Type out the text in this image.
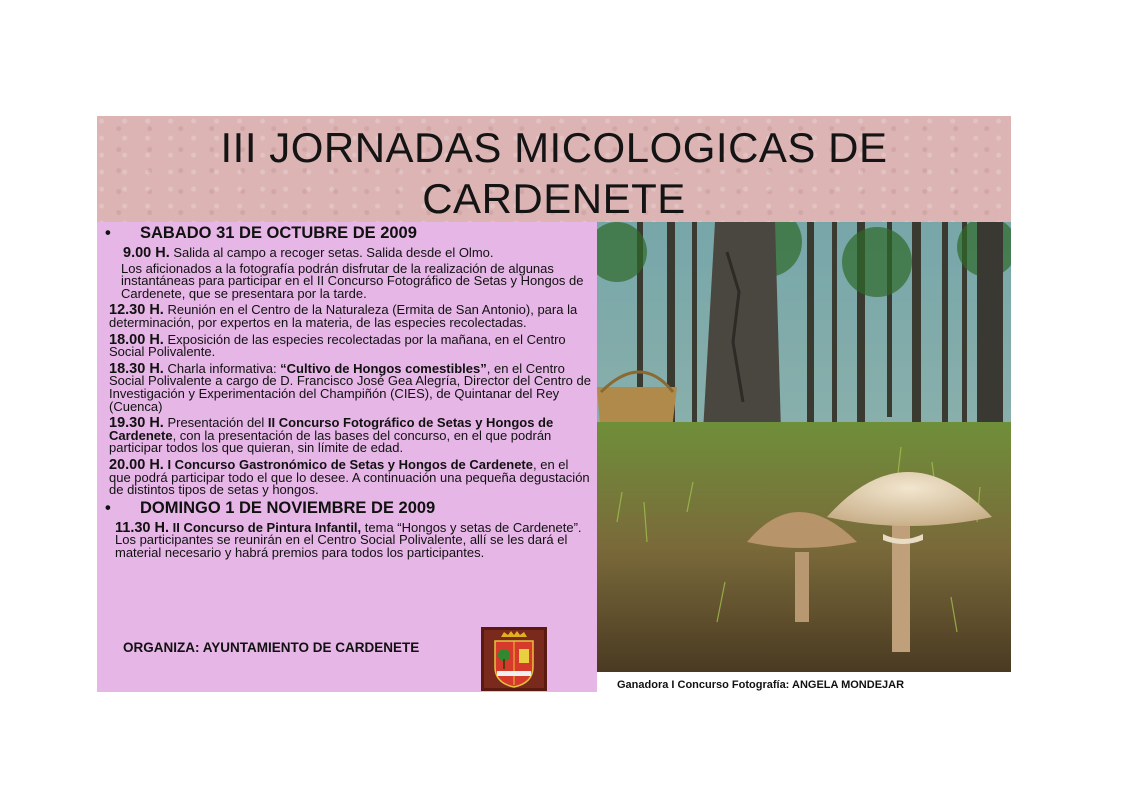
III JORNADAS MICOLOGICAS DE
CARDENETE
• SABADO 31 DE OCTUBRE DE 2009
9.00 H. Salida al campo a recoger setas. Salida desde el Olmo.
Los aficionados a la fotografía podrán disfrutar de la realización de algunas instantáneas para participar en el II Concurso Fotográfico de Setas y Hongos de Cardenete, que se presentara por la tarde.
12.30 H. Reunión en el Centro de la Naturaleza (Ermita de San Antonio), para la determinación, por expertos en la materia, de las especies recolectadas.
18.00 H. Exposición de las especies recolectadas por la mañana, en el Centro Social Polivalente.
18.30 H. Charla informativa: “Cultivo de Hongos comestibles”, en el Centro Social Polivalente a cargo de D. Francisco José Gea Alegría, Director del Centro de Investigación y Experimentación del Champiñón (CIES), de Quintanar del Rey (Cuenca)
19.30 H. Presentación del II Concurso Fotográfico de Setas y Hongos de Cardenete, con la presentación de las bases del concurso, en el que podrán participar todos los que quieran, sin límite de edad.
20.00 H. I Concurso Gastronómico de Setas y Hongos de Cardenete, en el que podrá participar todo el que lo desee. A continuación una pequeña degustación de distintos tipos de setas y hongos.
• DOMINGO 1 DE NOVIEMBRE DE 2009
11.30 H. II Concurso de Pintura Infantil, tema “Hongos y setas de Cardenete”. Los participantes se reunirán en el Centro Social Polivalente, allí se les dará el material necesario y habrá premios para todos los participantes.
ORGANIZA: AYUNTAMIENTO DE CARDENETE
Ganadora I Concurso Fotografía: ANGELA MONDEJAR
